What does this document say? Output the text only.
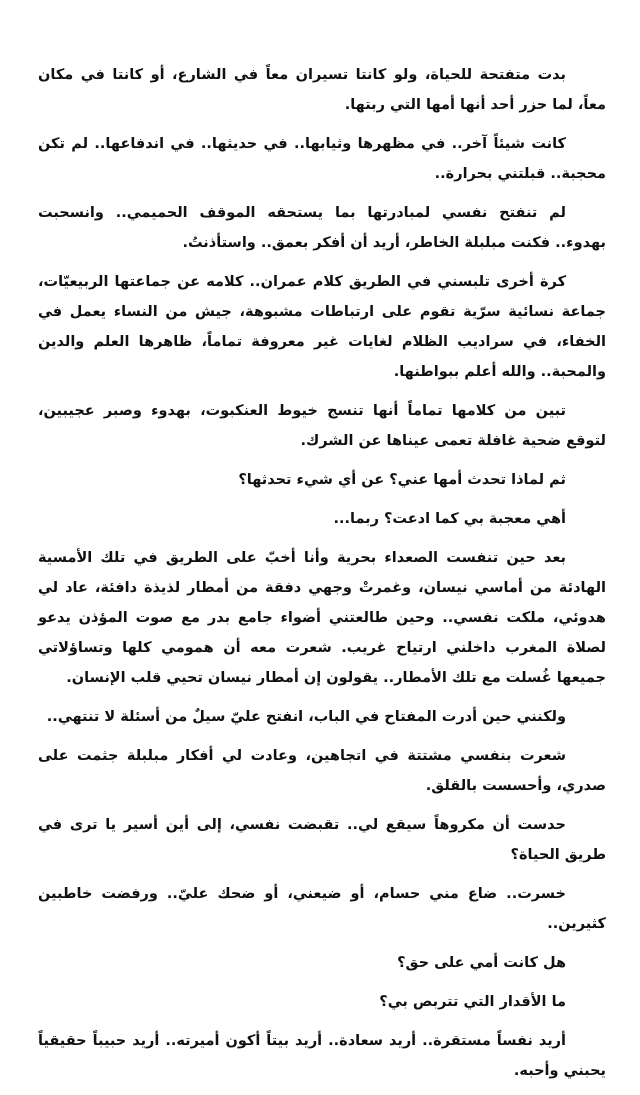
بدت متفتحة للحياة، ولو كانتا تسيران معاً في الشارع، أو كانتا في مكان معاً، لما حزر أحد أنها أمها التي ربتها.

كانت شيئاً آخر.. في مظهرها وثيابها.. في حديثها.. في اندفاعها.. لم تكن محجبة.. قبلتني بحرارة..

لم تنفتح نفسي لمبادرتها بما يستحقه الموقف الحميمي.. وانسحبت بهدوء.. فكنت مبلبلة الخاطر، أريد أن أفكر بعمق.. واستأذنتُ.

كرة أخرى تلبسني في الطريق كلام عمران.. كلامه عن جماعتها الربيعيّات، جماعة نسائية سرّية تقوم على ارتباطات مشبوهة، جيش من النساء يعمل في الخفاء، في سراديب الظلام لغايات غير معروفة تماماً، ظاهرها العلم والدين والمحبة.. والله أعلم ببواطنها.

تبين من كلامها تماماً أنها تنسج خيوط العنكبوت، بهدوء وصبر عجيبين، لتوقع ضحية غافلة تعمى عيناها عن الشرك.

ثم لماذا تحدث أمها عني؟ عن أي شيء تحدثها؟

أهي معجبة بي كما ادعت؟ ربما...

بعد حين تنفست الصعداء بحرية وأنا أخبّ على الطريق في تلك الأمسية الهادئة من أماسي نيسان، وغمرتْ وجهي دفقة من أمطار لذيذة دافئة، عاد لي هدوئي، ملكت نفسي.. وحين طالعتني أضواء جامع بدر مع صوت المؤذن يدعو لصلاة المغرب داخلني ارتياح غريب. شعرت معه أن همومي كلها وتساؤلاتي جميعها غُسلت مع تلك الأمطار.. يقولون إن أمطار نيسان تحيي قلب الإنسان.

ولكنني حين أدرت المفتاح في الباب، انفتح عليّ سيلٌ من أسئلة لا تنتهي..

شعرت بنفسي مشتتة في اتجاهين، وعادت لي أفكار مبلبلة جثمت على صدري، وأحسست بالقلق.

حدست أن مكروهاً سيقع لي.. تقبضت نفسي، إلى أين أسير يا ترى في طريق الحياة؟

خسرت.. ضاع مني حسام، أو ضيعني، أو ضحك عليّ.. ورفضت خاطبين كثيرين..

هل كانت أمي على حق؟

ما الأقدار التي تتربص بي؟

أريد نفساً مستقرة.. أريد سعادة.. أريد بيتاً أكون أميرته.. أريد حبيباً حقيقياً يحبني وأحبه.
